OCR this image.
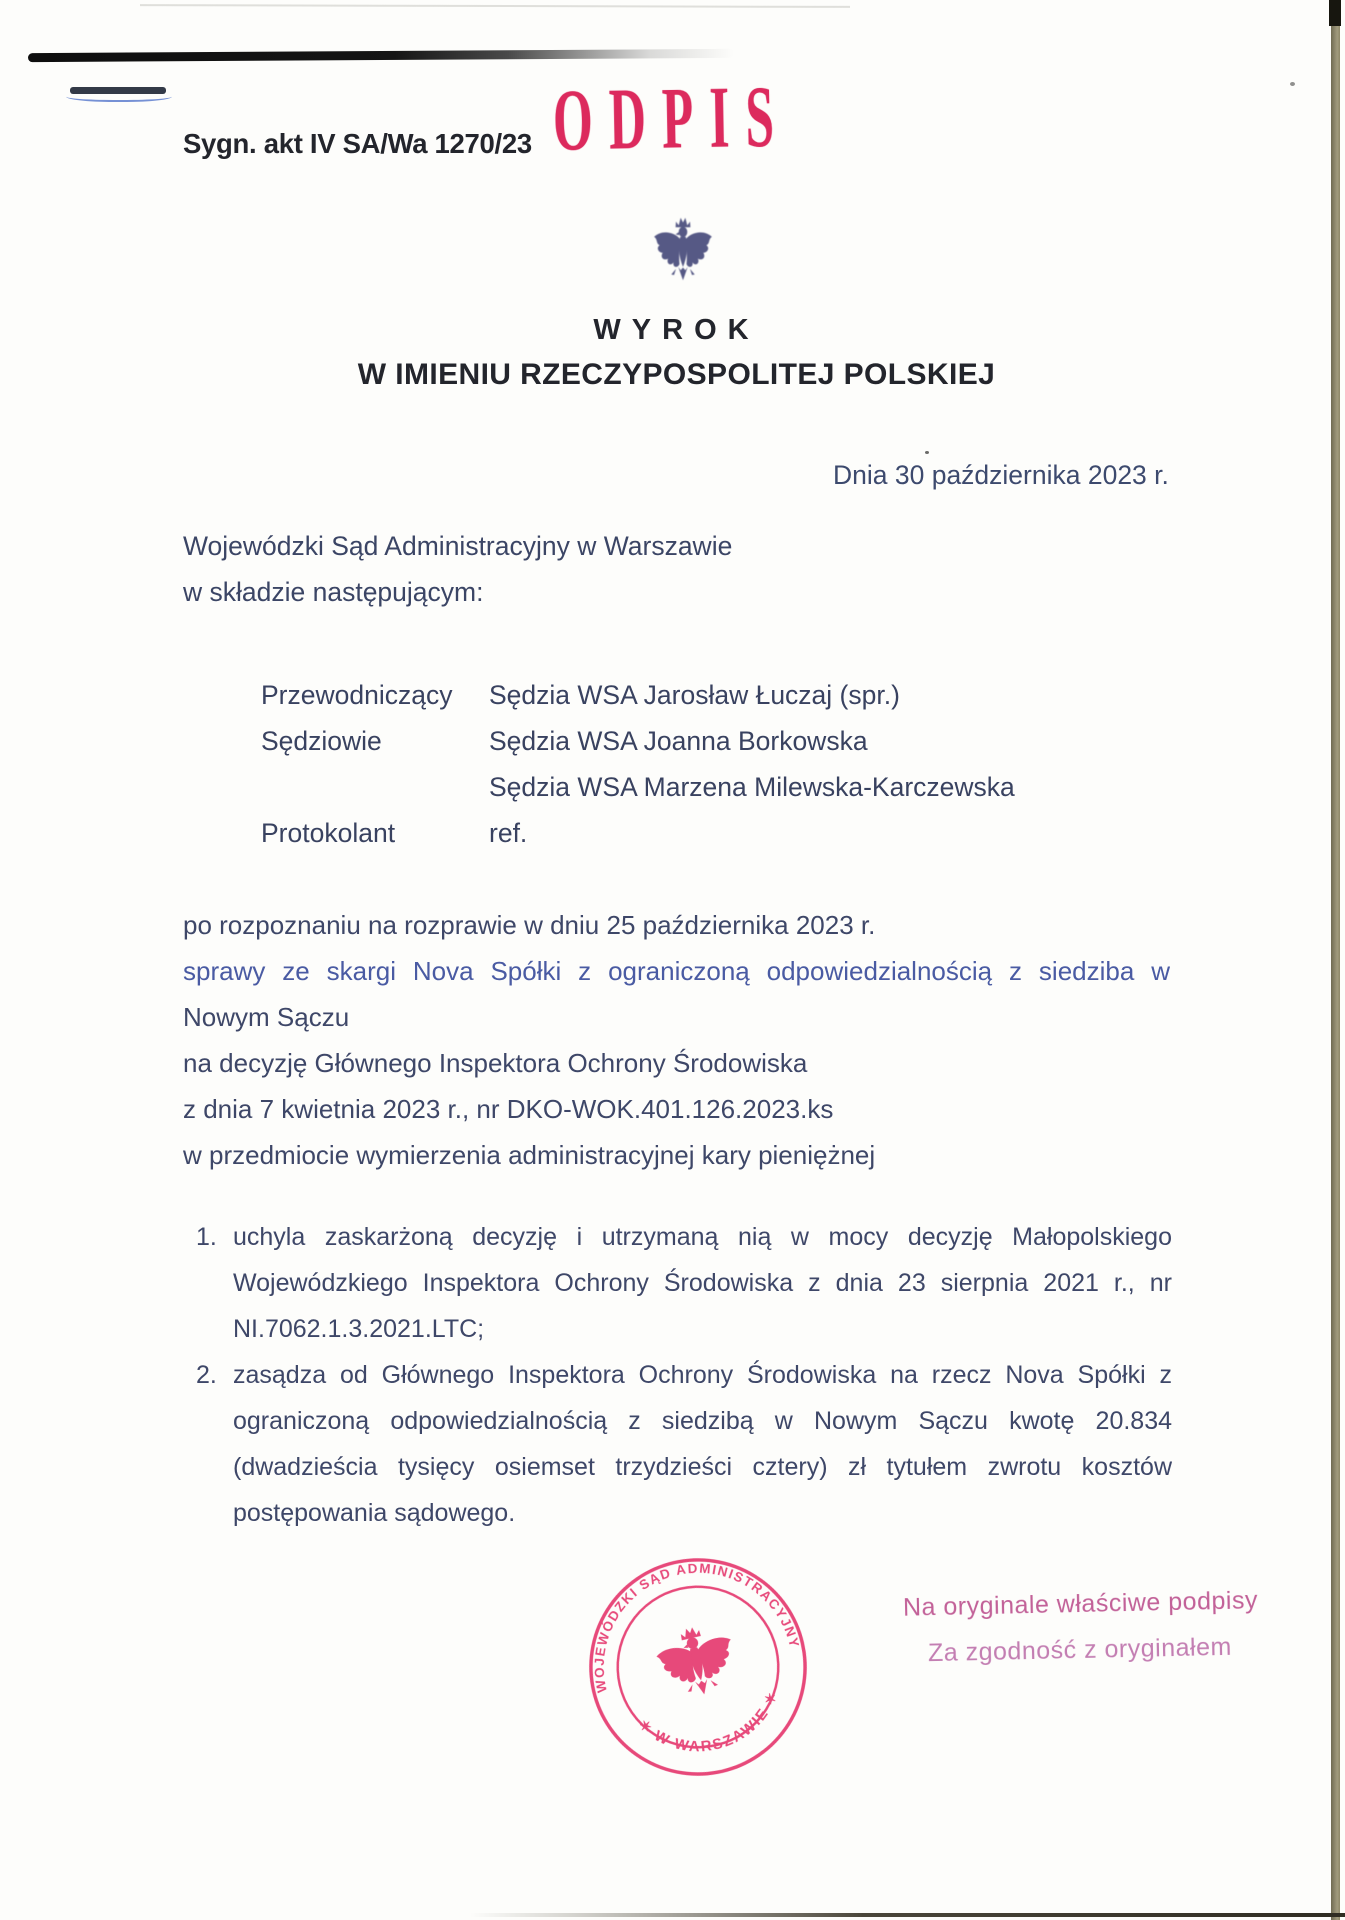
Sygn. akt IV SA/Wa 1270/23 ODPIS
WYROK
W IMIENIU RZECZYPOSPOLITEJ POLSKIEJ
Dnia 30 października 2023 r.
Wojewódzki Sąd Administracyjny w Warszawie
w składzie następującym:
Przewodniczący	Sędzia WSA Jarosław Łuczaj (spr.)
Sędziowie	Sędzia WSA Joanna Borkowska
Sędzia WSA Marzena Milewska-Karczewska
Protokolant	ref.
po rozpoznaniu na rozprawie w dniu 25 października 2023 r.
sprawy ze skargi Nova Spółki z ograniczoną odpowiedzialnością z siedziba w
Nowym Sączu
na decyzję Głównego Inspektora Ochrony Środowiska
z dnia 7 kwietnia 2023 r., nr DKO-WOK.401.126.2023.ks
w przedmiocie wymierzenia administracyjnej kary pieniężnej
1.
2.
uchyla zaskarżoną decyzję i utrzymaną nią w mocy decyzję Małopolskiego
Wojewódzkiego Inspektora Ochrony Środowiska z dnia 23 sierpnia 2021 r., nr
NI.7062.1.3.2021.LTC;
zasądza od Głównego Inspektora Ochrony Środowiska na rzecz Nova Spółki z
ograniczoną odpowiedzialnością z siedzibą w Nowym Sączu kwotę 20.834
(dwadzieścia tysięcy osiemset trzydzieści cztery) zł tytułem zwrotu kosztów
postępowania sądowego.
WOJEWÓDZKI SĄD ADMINISTRACYJNY
✶ W WARSZAWIE ✶
Na oryginale właściwe podpisy
Za zgodność z oryginałem
